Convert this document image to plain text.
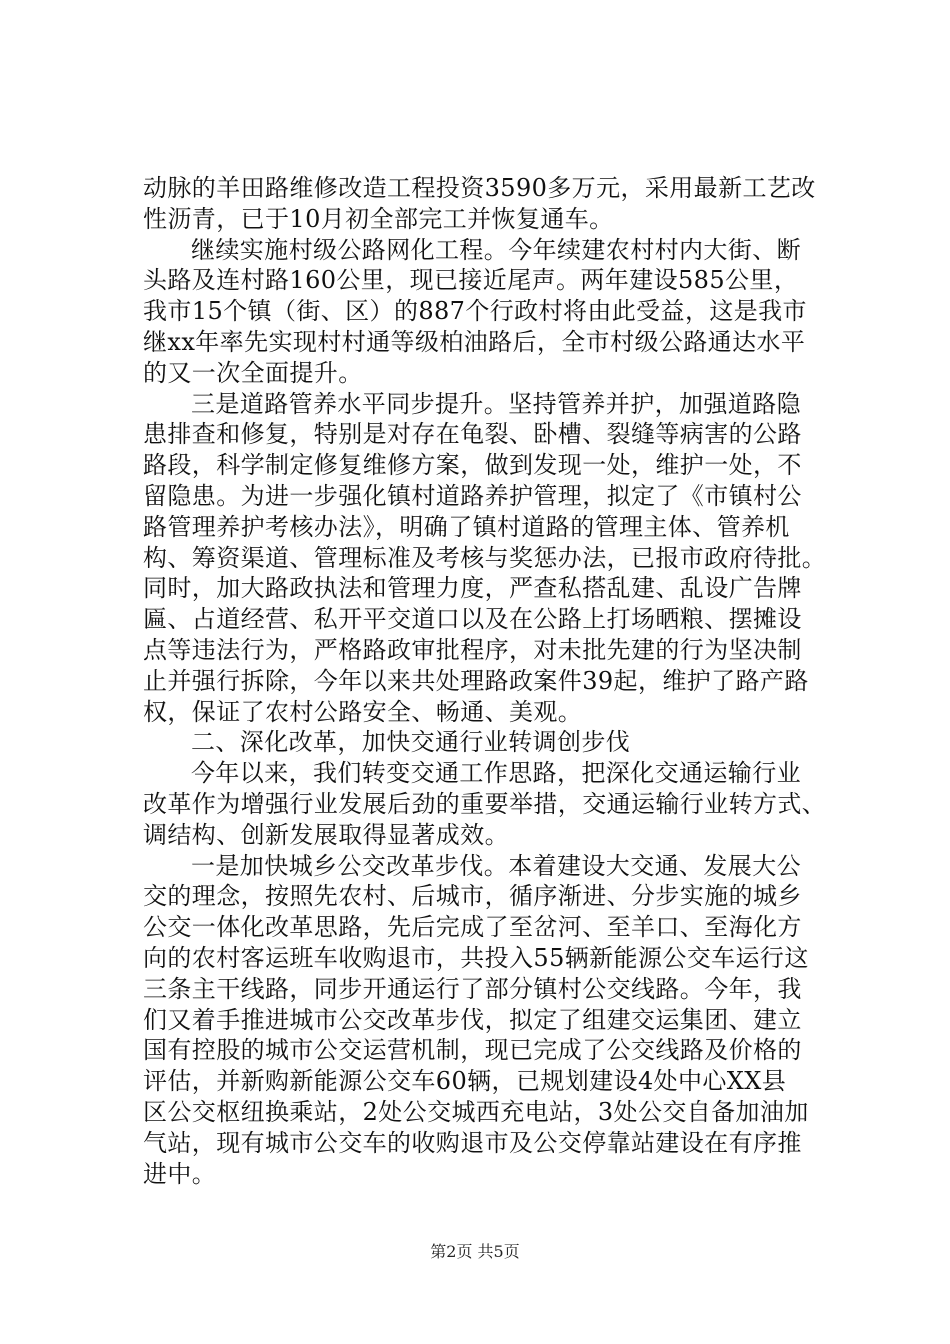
动脉的羊田路维修改造工程投资3590多万元，采用最新工艺改
性沥青，已于10月初全部完工并恢复通车。
继续实施村级公路网化工程。今年续建农村村内大街、断
头路及连村路160公里，现已接近尾声。两年建设585公里，
我市15个镇（街、区）的887个行政村将由此受益，这是我市
继xx年率先实现村村通等级柏油路后，全市村级公路通达水平
的又一次全面提升。
三是道路管养水平同步提升。坚持管养并护，加强道路隐
患排查和修复，特别是对存在龟裂、卧槽、裂缝等病害的公路
路段，科学制定修复维修方案，做到发现一处，维护一处，不
留隐患。为进一步强化镇村道路养护管理，拟定了《市镇村公
路管理养护考核办法》，明确了镇村道路的管理主体、管养机
构、筹资渠道、管理标准及考核与奖惩办法，已报市政府待批。
同时，加大路政执法和管理力度，严查私搭乱建、乱设广告牌
匾、占道经营、私开平交道口以及在公路上打场晒粮、摆摊设
点等违法行为，严格路政审批程序，对未批先建的行为坚决制
止并强行拆除，今年以来共处理路政案件39起，维护了路产路
权，保证了农村公路安全、畅通、美观。
二、深化改革，加快交通行业转调创步伐
今年以来，我们转变交通工作思路，把深化交通运输行业
改革作为增强行业发展后劲的重要举措，交通运输行业转方式、
调结构、创新发展取得显著成效。
一是加快城乡公交改革步伐。本着建设大交通、发展大公
交的理念，按照先农村、后城市，循序渐进、分步实施的城乡
公交一体化改革思路，先后完成了至岔河、至羊口、至海化方
向的农村客运班车收购退市，共投入55辆新能源公交车运行这
三条主干线路，同步开通运行了部分镇村公交线路。今年，我
们又着手推进城市公交改革步伐，拟定了组建交运集团、建立
国有控股的城市公交运营机制，现已完成了公交线路及价格的
评估，并新购新能源公交车60辆，已规划建设4处中心XX县
区公交枢纽换乘站，2处公交城西充电站，3处公交自备加油加
气站，现有城市公交车的收购退市及公交停靠站建设在有序推
进中。
第2页 共5页
